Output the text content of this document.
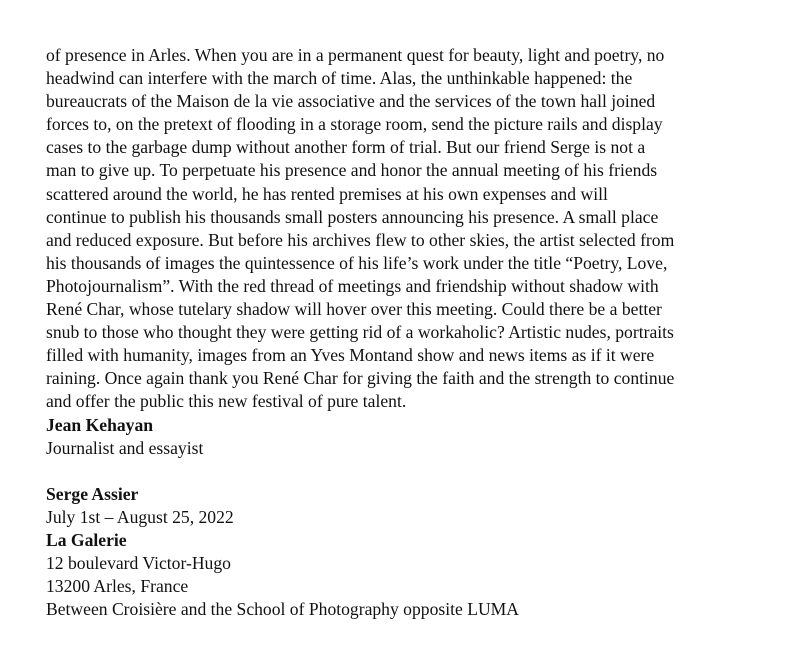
of presence in Arles. When you are in a permanent quest for beauty, light and poetry, no
headwind can interfere with the march of time. Alas, the unthinkable happened: the
bureaucrats of the Maison de la vie associative and the services of the town hall joined
forces to, on the pretext of flooding in a storage room, send the picture rails and display
cases to the garbage dump without another form of trial. But our friend Serge is not a
man to give up. To perpetuate his presence and honor the annual meeting of his friends
scattered around the world, he has rented premises at his own expenses and will
continue to publish his thousands small posters announcing his presence. A small place
and reduced exposure. But before his archives flew to other skies, the artist selected from
his thousands of images the quintessence of his life’s work under the title “Poetry, Love,
Photojournalism”. With the red thread of meetings and friendship without shadow with
René Char, whose tutelary shadow will hover over this meeting. Could there be a better
snub to those who thought they were getting rid of a workaholic? Artistic nudes, portraits
filled with humanity, images from an Yves Montand show and news items as if it were
raining. Once again thank you René Char for giving the faith and the strength to continue
and offer the public this new festival of pure talent.

Jean Kehayan
Journalist and essayist
Serge Assier
July 1st – August 25, 2022
La Galerie
12 boulevard Victor-Hugo
13200 Arles, France
Between Croisière and the School of Photography opposite LUMA
